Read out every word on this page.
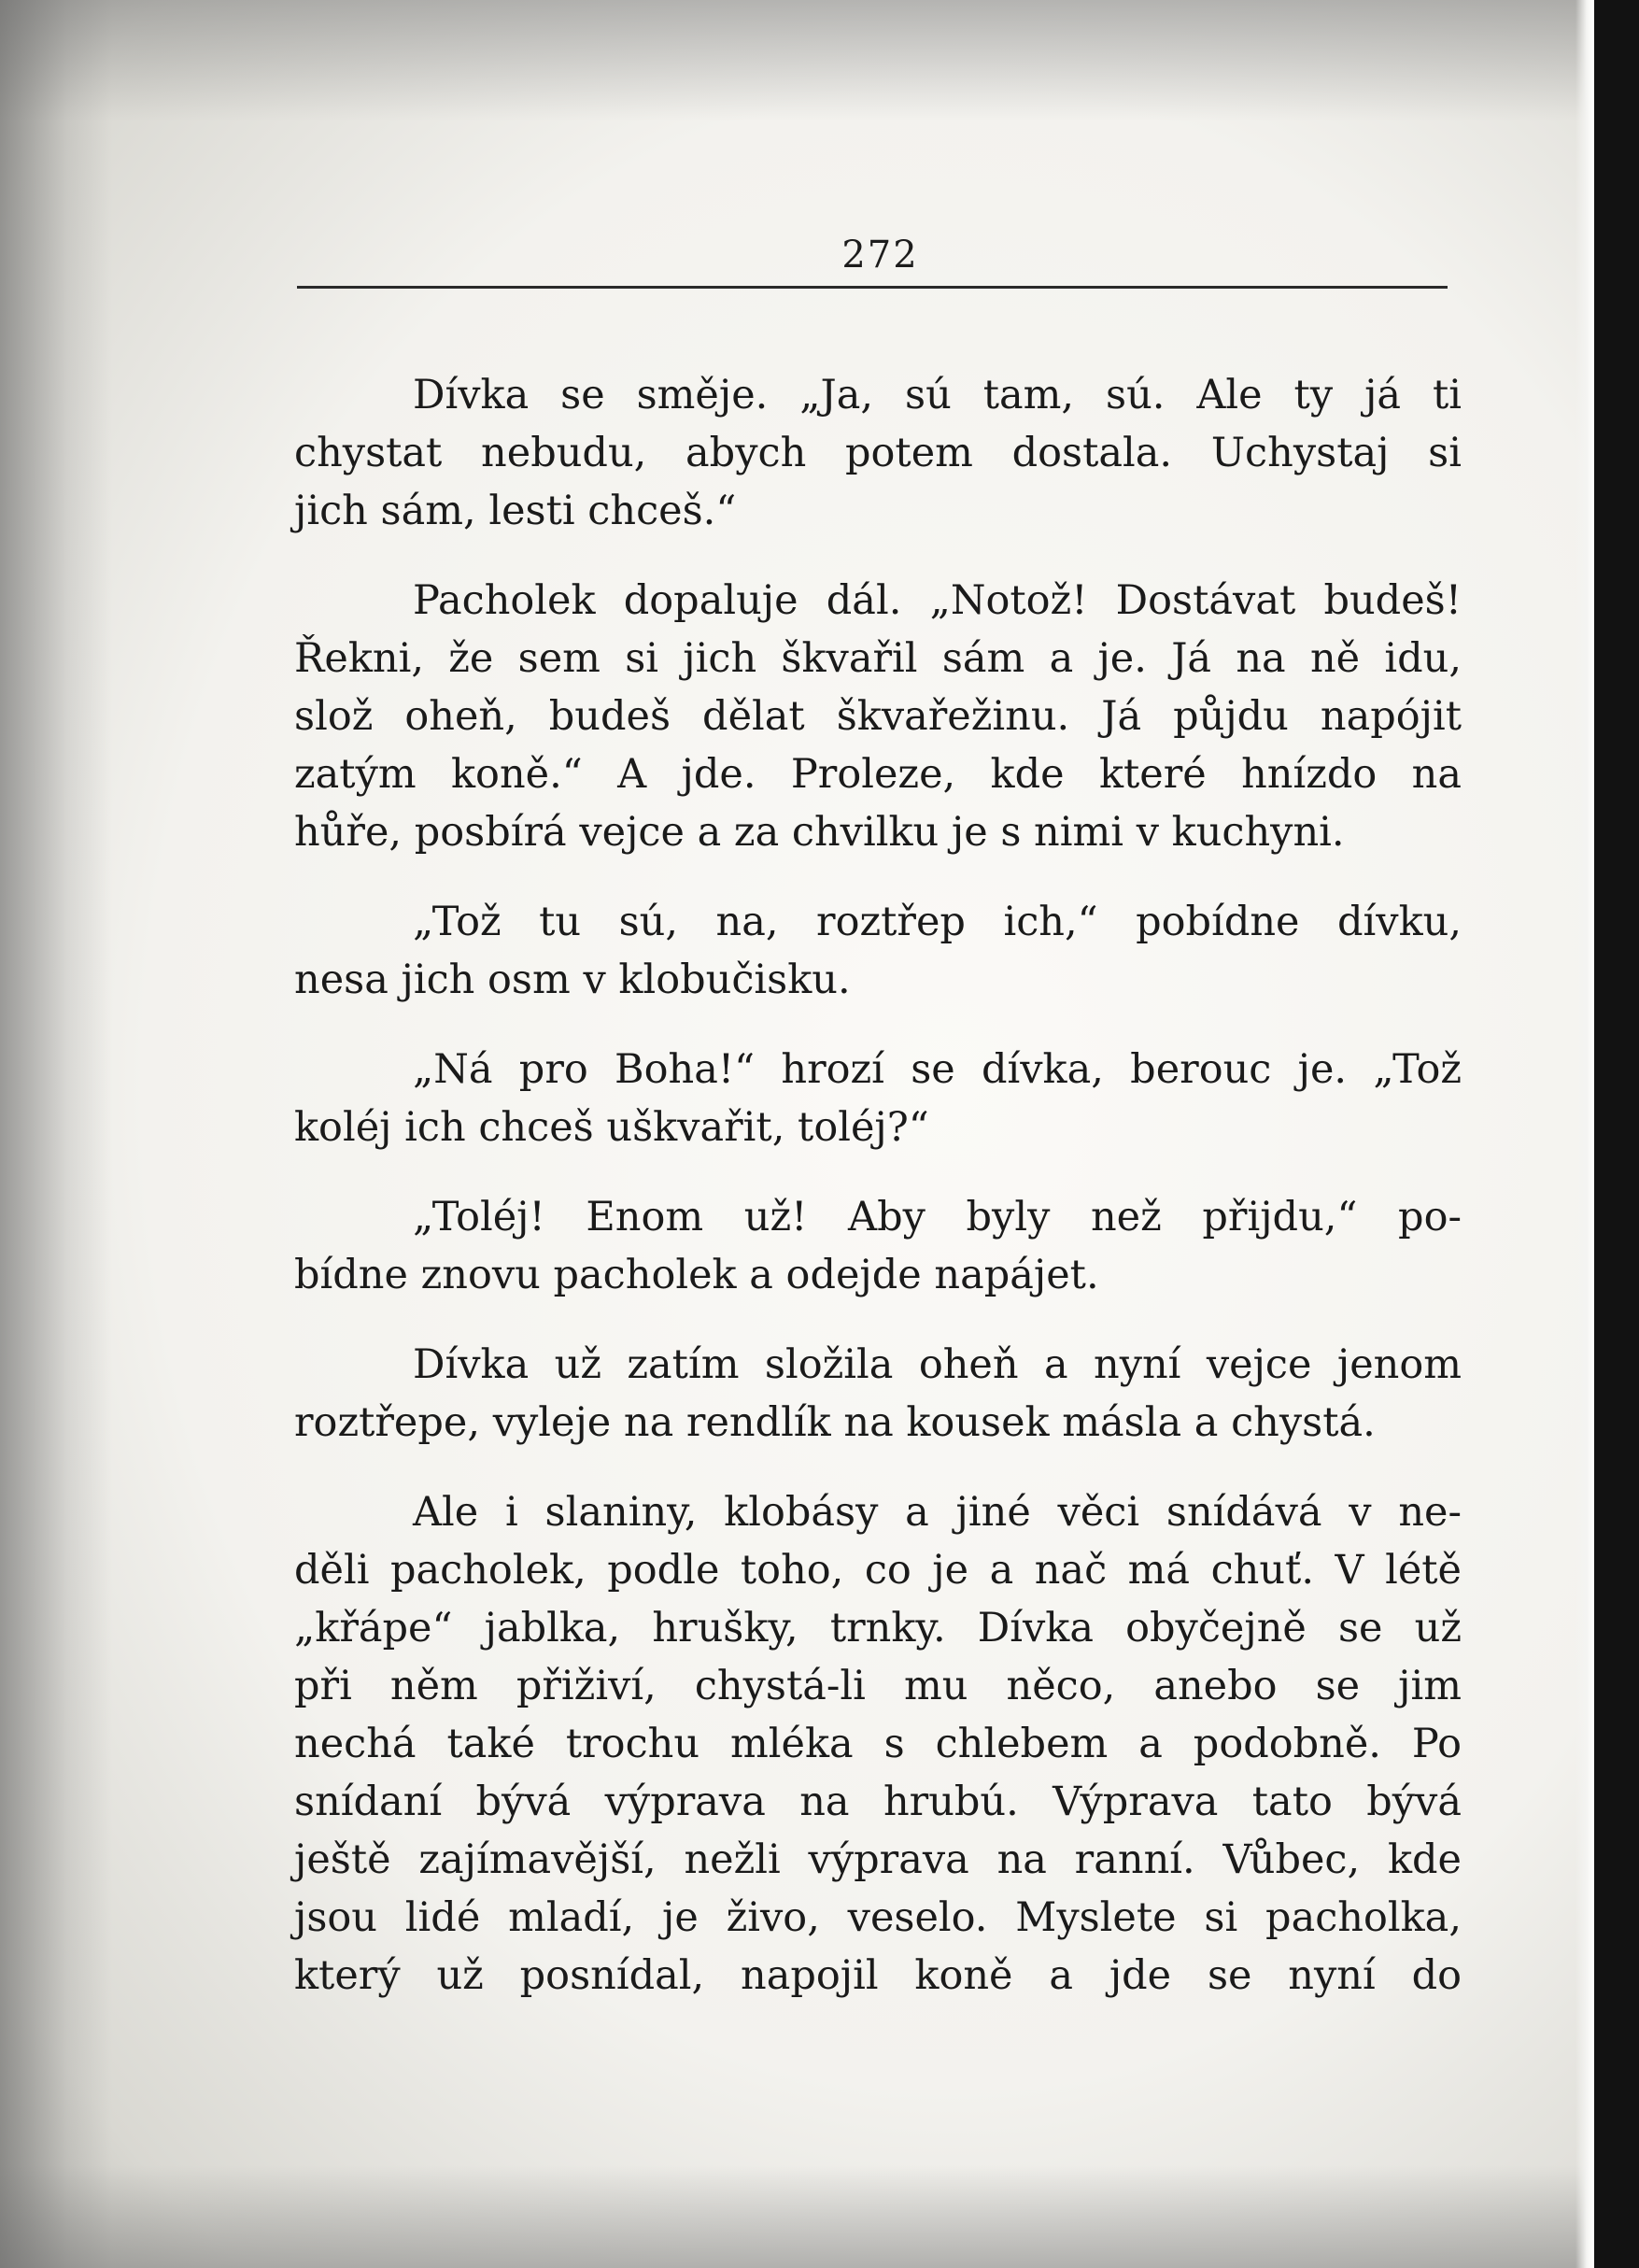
272
Dívka se směje. „Ja, sú tam, sú. Ale ty já ti
chystat nebudu, abych potem dostala. Uchystaj si
jich sám, lesti chceš.“
Pacholek dopaluje dál. „Notož! Dostávat budeš!
Řekni, že sem si jich škvařil sám a je. Já na ně idu,
slož oheň, budeš dělat škvařežinu. Já půjdu napójit
zatým koně.“ A jde. Proleze, kde které hnízdo na
hůře, posbírá vejce a za chvilku je s nimi v kuchyni.
„Tož tu sú, na, roztřep ich,“ pobídne dívku,
nesa jich osm v klobučisku.
„Ná pro Boha!“ hrozí se dívka, berouc je. „Tož
koléj ich chceš uškvařit, toléj?“
„Toléj! Enom už! Aby byly než přijdu,“ po-
bídne znovu pacholek a odejde napájet.
Dívka už zatím složila oheň a nyní vejce jenom
roztřepe, vyleje na rendlík na kousek másla a chystá.
Ale i slaniny, klobásy a jiné věci snídává v ne-
děli pacholek, podle toho, co je a nač má chuť. V létě
„křápe“ jablka, hrušky, trnky. Dívka obyčejně se už
při něm přiživí, chystá-li mu něco, anebo se jim
nechá také trochu mléka s chlebem a podobně. Po
snídaní bývá výprava na hrubú. Výprava tato bývá
ještě zajímavější, nežli výprava na ranní. Vůbec, kde
jsou lidé mladí, je živo, veselo. Myslete si pacholka,
který už posnídal, napojil koně a jde se nyní do
